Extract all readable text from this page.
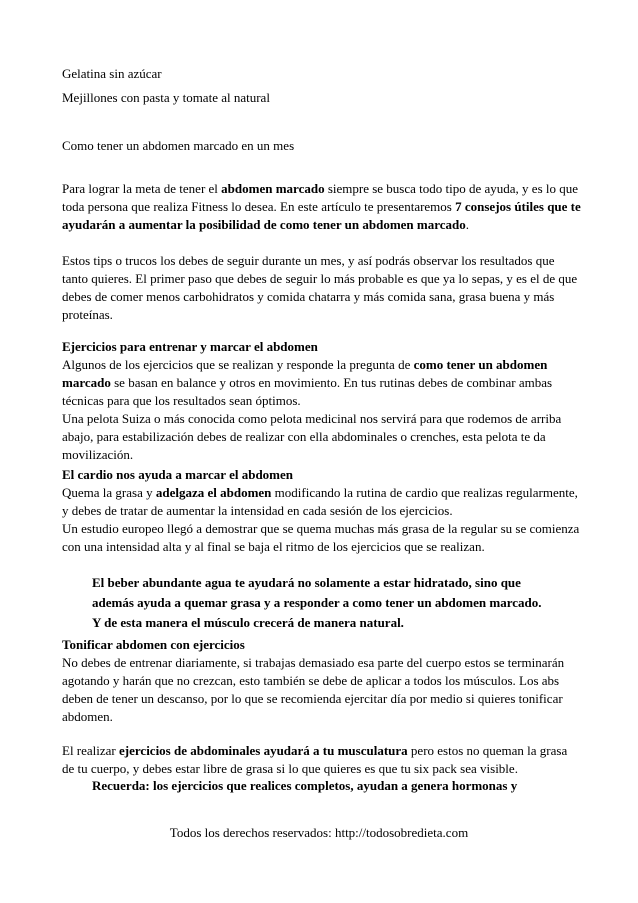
Gelatina sin azúcar

Mejillones con pasta y tomate al natural

Como tener un abdomen marcado en un mes

Para lograr la meta de tener el abdomen marcado siempre se busca todo tipo de ayuda, y es lo que toda persona que realiza Fitness lo desea. En este artículo te presentaremos 7 consejos útiles que te ayudarán a aumentar la posibilidad de como tener un abdomen marcado.

Estos tips o trucos los debes de seguir durante un mes, y así podrás observar los resultados que tanto quieres. El primer paso que debes de seguir lo más probable es que ya lo sepas, y es el de que debes de comer menos carbohidratos y comida chatarra y más comida sana, grasa buena y más proteínas.

Ejercicios para entrenar y marcar el abdomen

Algunos de los ejercicios que se realizan y responde la pregunta de como tener un abdomen marcado se basan en balance y otros en movimiento. En tus rutinas debes de combinar ambas técnicas para que los resultados sean óptimos.

Una pelota Suiza o más conocida como pelota medicinal nos servirá para que rodemos de arriba abajo, para estabilización debes de realizar con ella abdominales o crenches, esta pelota te da movilización.

El cardio nos ayuda a marcar el abdomen

Quema la grasa y adelgaza el abdomen modificando la rutina de cardio que realizas regularmente, y debes de tratar de aumentar la intensidad en cada sesión de los ejercicios.

Un estudio europeo llegó a demostrar que se quema muchas más grasa de la regular su se comienza con una intensidad alta y al final se baja el ritmo de los ejercicios que se realizan.

El beber abundante agua te ayudará no solamente a estar hidratado, sino que además ayuda a quemar grasa y a responder a como tener un abdomen marcado.

Y de esta manera el músculo crecerá de manera natural.

Tonificar abdomen con ejercicios

No debes de entrenar diariamente, si trabajas demasiado esa parte del cuerpo estos se terminarán agotando y harán que no crezcan, esto también se debe de aplicar a todos los músculos. Los abs deben de tener un descanso, por lo que se recomienda ejercitar día por medio si quieres tonificar abdomen.

El realizar ejercicios de abdominales ayudará a tu musculatura pero estos no queman la grasa de tu cuerpo, y debes estar libre de grasa si lo que quieres es que tu six pack sea visible.

Recuerda: los ejercicios que realices completos, ayudan a genera hormonas y

Todos los derechos reservados: http://todosobredieta.com
